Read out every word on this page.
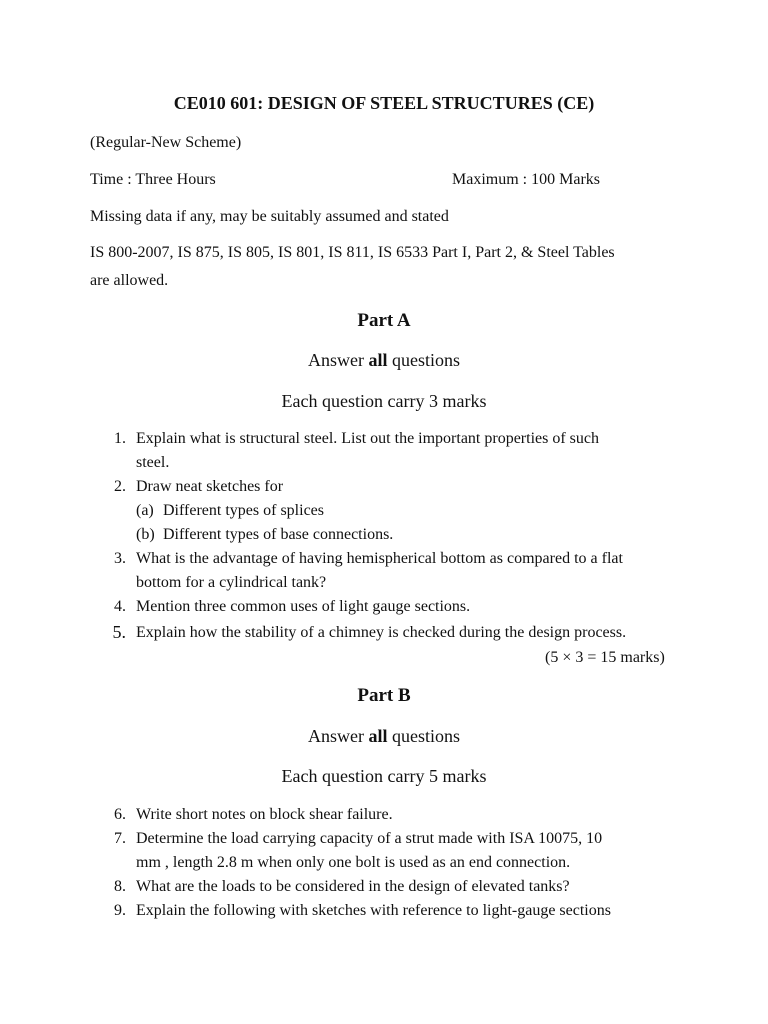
CE010 601: DESIGN OF STEEL STRUCTURES (CE)
(Regular-New Scheme)
Time : Three Hours	Maximum : 100 Marks
Missing data if any, may be suitably assumed and stated
IS 800-2007, IS 875, IS 805, IS 801, IS 811, IS 6533 Part I, Part 2, & Steel Tables
are allowed.
Part A
Answer all questions
Each question carry 3 marks
1. Explain what is structural steel. List out the important properties of such
steel.
2. Draw neat sketches for
(a) Different types of splices
(b) Different types of base connections.
3. What is the advantage of having hemispherical bottom as compared to a flat
bottom for a cylindrical tank?
4. Mention three common uses of light gauge sections.
5. Explain how the stability of a chimney is checked during the design process.
(5 × 3 = 15 marks)
Part B
Answer all questions
Each question carry 5 marks
6. Write short notes on block shear failure.
7. Determine the load carrying capacity of a strut made with ISA 10075, 10
mm , length 2.8 m when only one bolt is used as an end connection.
8. What are the loads to be considered in the design of elevated tanks?
9. Explain the following with sketches with reference to light-gauge sections
